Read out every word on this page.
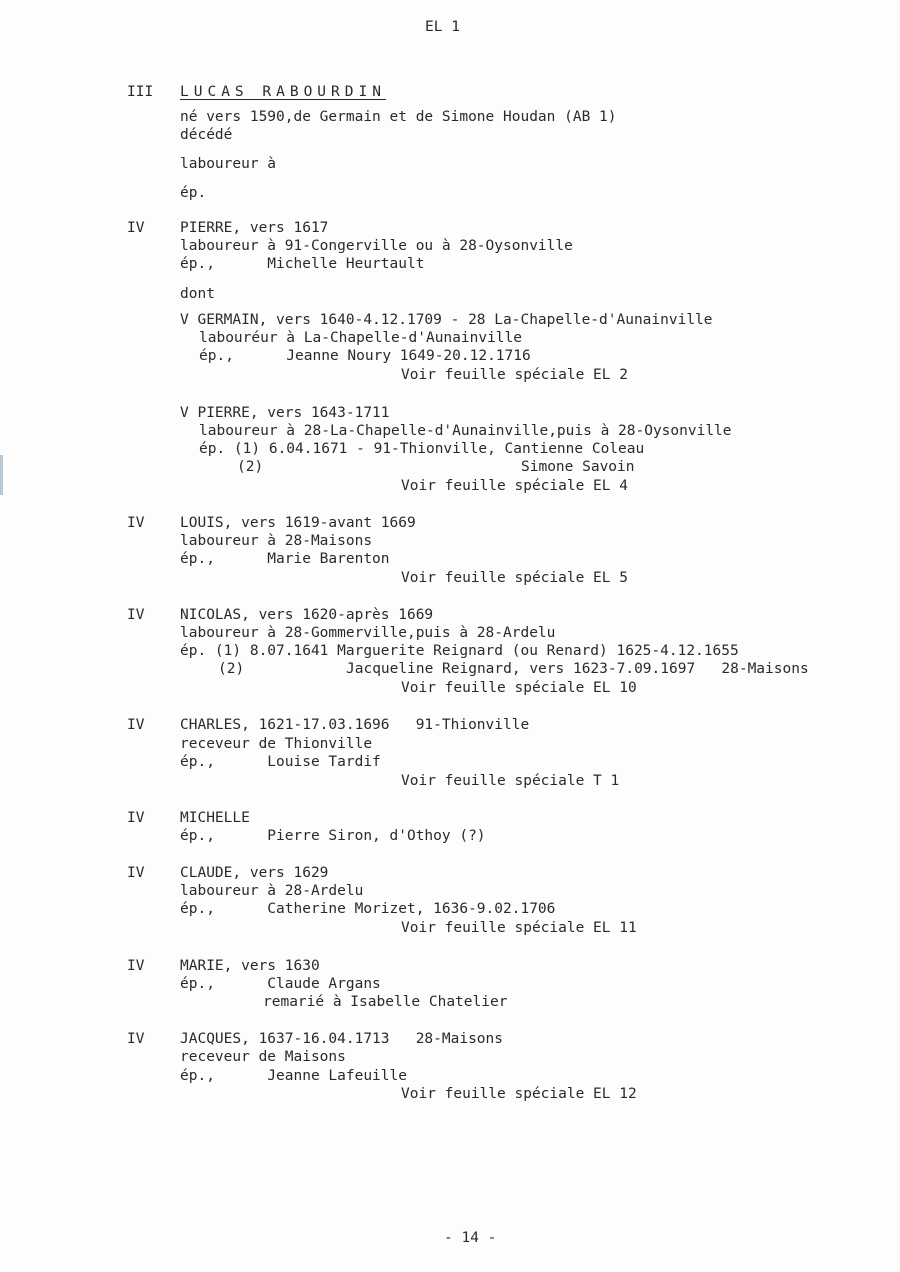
EL 1
III LUCAS RABOURDIN
né vers 1590,de Germain et de Simone Houdan (AB 1)
décédé
laboureur à
ép.
IV PIERRE, vers 1617
laboureur à 91-Congerville ou à 28-Oysonville
ép.,      Michelle Heurtault
dont
V GERMAIN, vers 1640-4.12.1709 - 28 La-Chapelle-d'Aunainville
labouréur à La-Chapelle-d'Aunainville
ép.,      Jeanne Noury 1649-20.12.1716
Voir feuille spéciale EL 2
V PIERRE, vers 1643-1711
laboureur à 28-La-Chapelle-d'Aunainville,puis à 28-Oysonville
ép. (1) 6.04.1671 - 91-Thionville, Cantienne Coleau
(2)	Simone Savoin
Voir feuille spéciale EL 4
IV LOUIS, vers 1619-avant 1669
laboureur à 28-Maisons
ép.,      Marie Barenton
Voir feuille spéciale EL 5
IV NICOLAS, vers 1620-après 1669
laboureur à 28-Gommerville,puis à 28-Ardelu
ép. (1) 8.07.1641 Marguerite Reignard (ou Renard) 1625-4.12.1655
(2)	Jacqueline Reignard, vers 1623-7.09.1697   28-Maisons
Voir feuille spéciale EL 10
IV CHARLES, 1621-17.03.1696   91-Thionville
receveur de Thionville
ép.,      Louise Tardif
Voir feuille spéciale T 1
IV MICHELLE
ép.,      Pierre Siron, d'Othoy (?)
IV CLAUDE, vers 1629
laboureur à 28-Ardelu
ép.,      Catherine Morizet, 1636-9.02.1706
Voir feuille spéciale EL 11
IV MARIE, vers 1630
ép.,      Claude Argans
remarié à Isabelle Chatelier
IV JACQUES, 1637-16.04.1713   28-Maisons
receveur de Maisons
ép.,      Jeanne Lafeuille
Voir feuille spéciale EL 12
- 14 -
